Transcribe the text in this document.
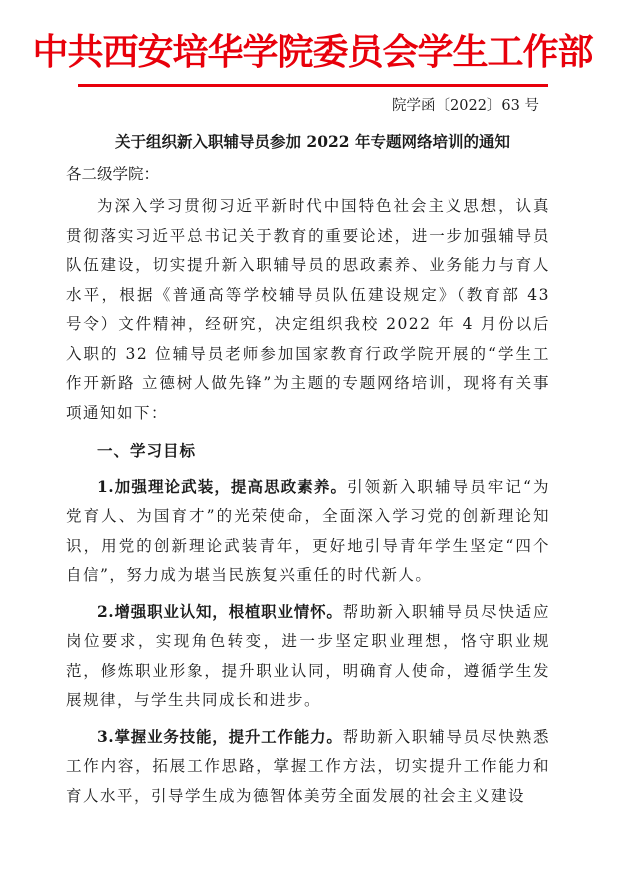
中共西安培华学院委员会学生工作部
院学函〔2022〕63 号
关于组织新入职辅导员参加 2022 年专题网络培训的通知
各二级学院：

为深入学习贯彻习近平新时代中国特色社会主义思想，认真贯彻落实习近平总书记关于教育的重要论述，进一步加强辅导员队伍建设，切实提升新入职辅导员的思政素养、业务能力与育人水平，根据《普通高等学校辅导员队伍建设规定》（教育部 43 号令）文件精神，经研究，决定组织我校 2022 年 4 月份以后入职的 32 位辅导员老师参加国家教育行政学院开展的“学生工作开新路 立德树人做先锋”为主题的专题网络培训，现将有关事项通知如下：

一、学习目标

1.加强理论武装，提高思政素养。引领新入职辅导员牢记“为党育人、为国育才”的光荣使命，全面深入学习党的创新理论知识，用党的创新理论武装青年，更好地引导青年学生坚定“四个自信”，努力成为堪当民族复兴重任的时代新人。

2.增强职业认知，根植职业情怀。帮助新入职辅导员尽快适应岗位要求，实现角色转变，进一步坚定职业理想，恪守职业规范，修炼职业形象，提升职业认同，明确育人使命，遵循学生发展规律，与学生共同成长和进步。

3.掌握业务技能，提升工作能力。帮助新入职辅导员尽快熟悉工作内容，拓展工作思路，掌握工作方法，切实提升工作能力和育人水平，引导学生成为德智体美劳全面发展的社会主义建设
